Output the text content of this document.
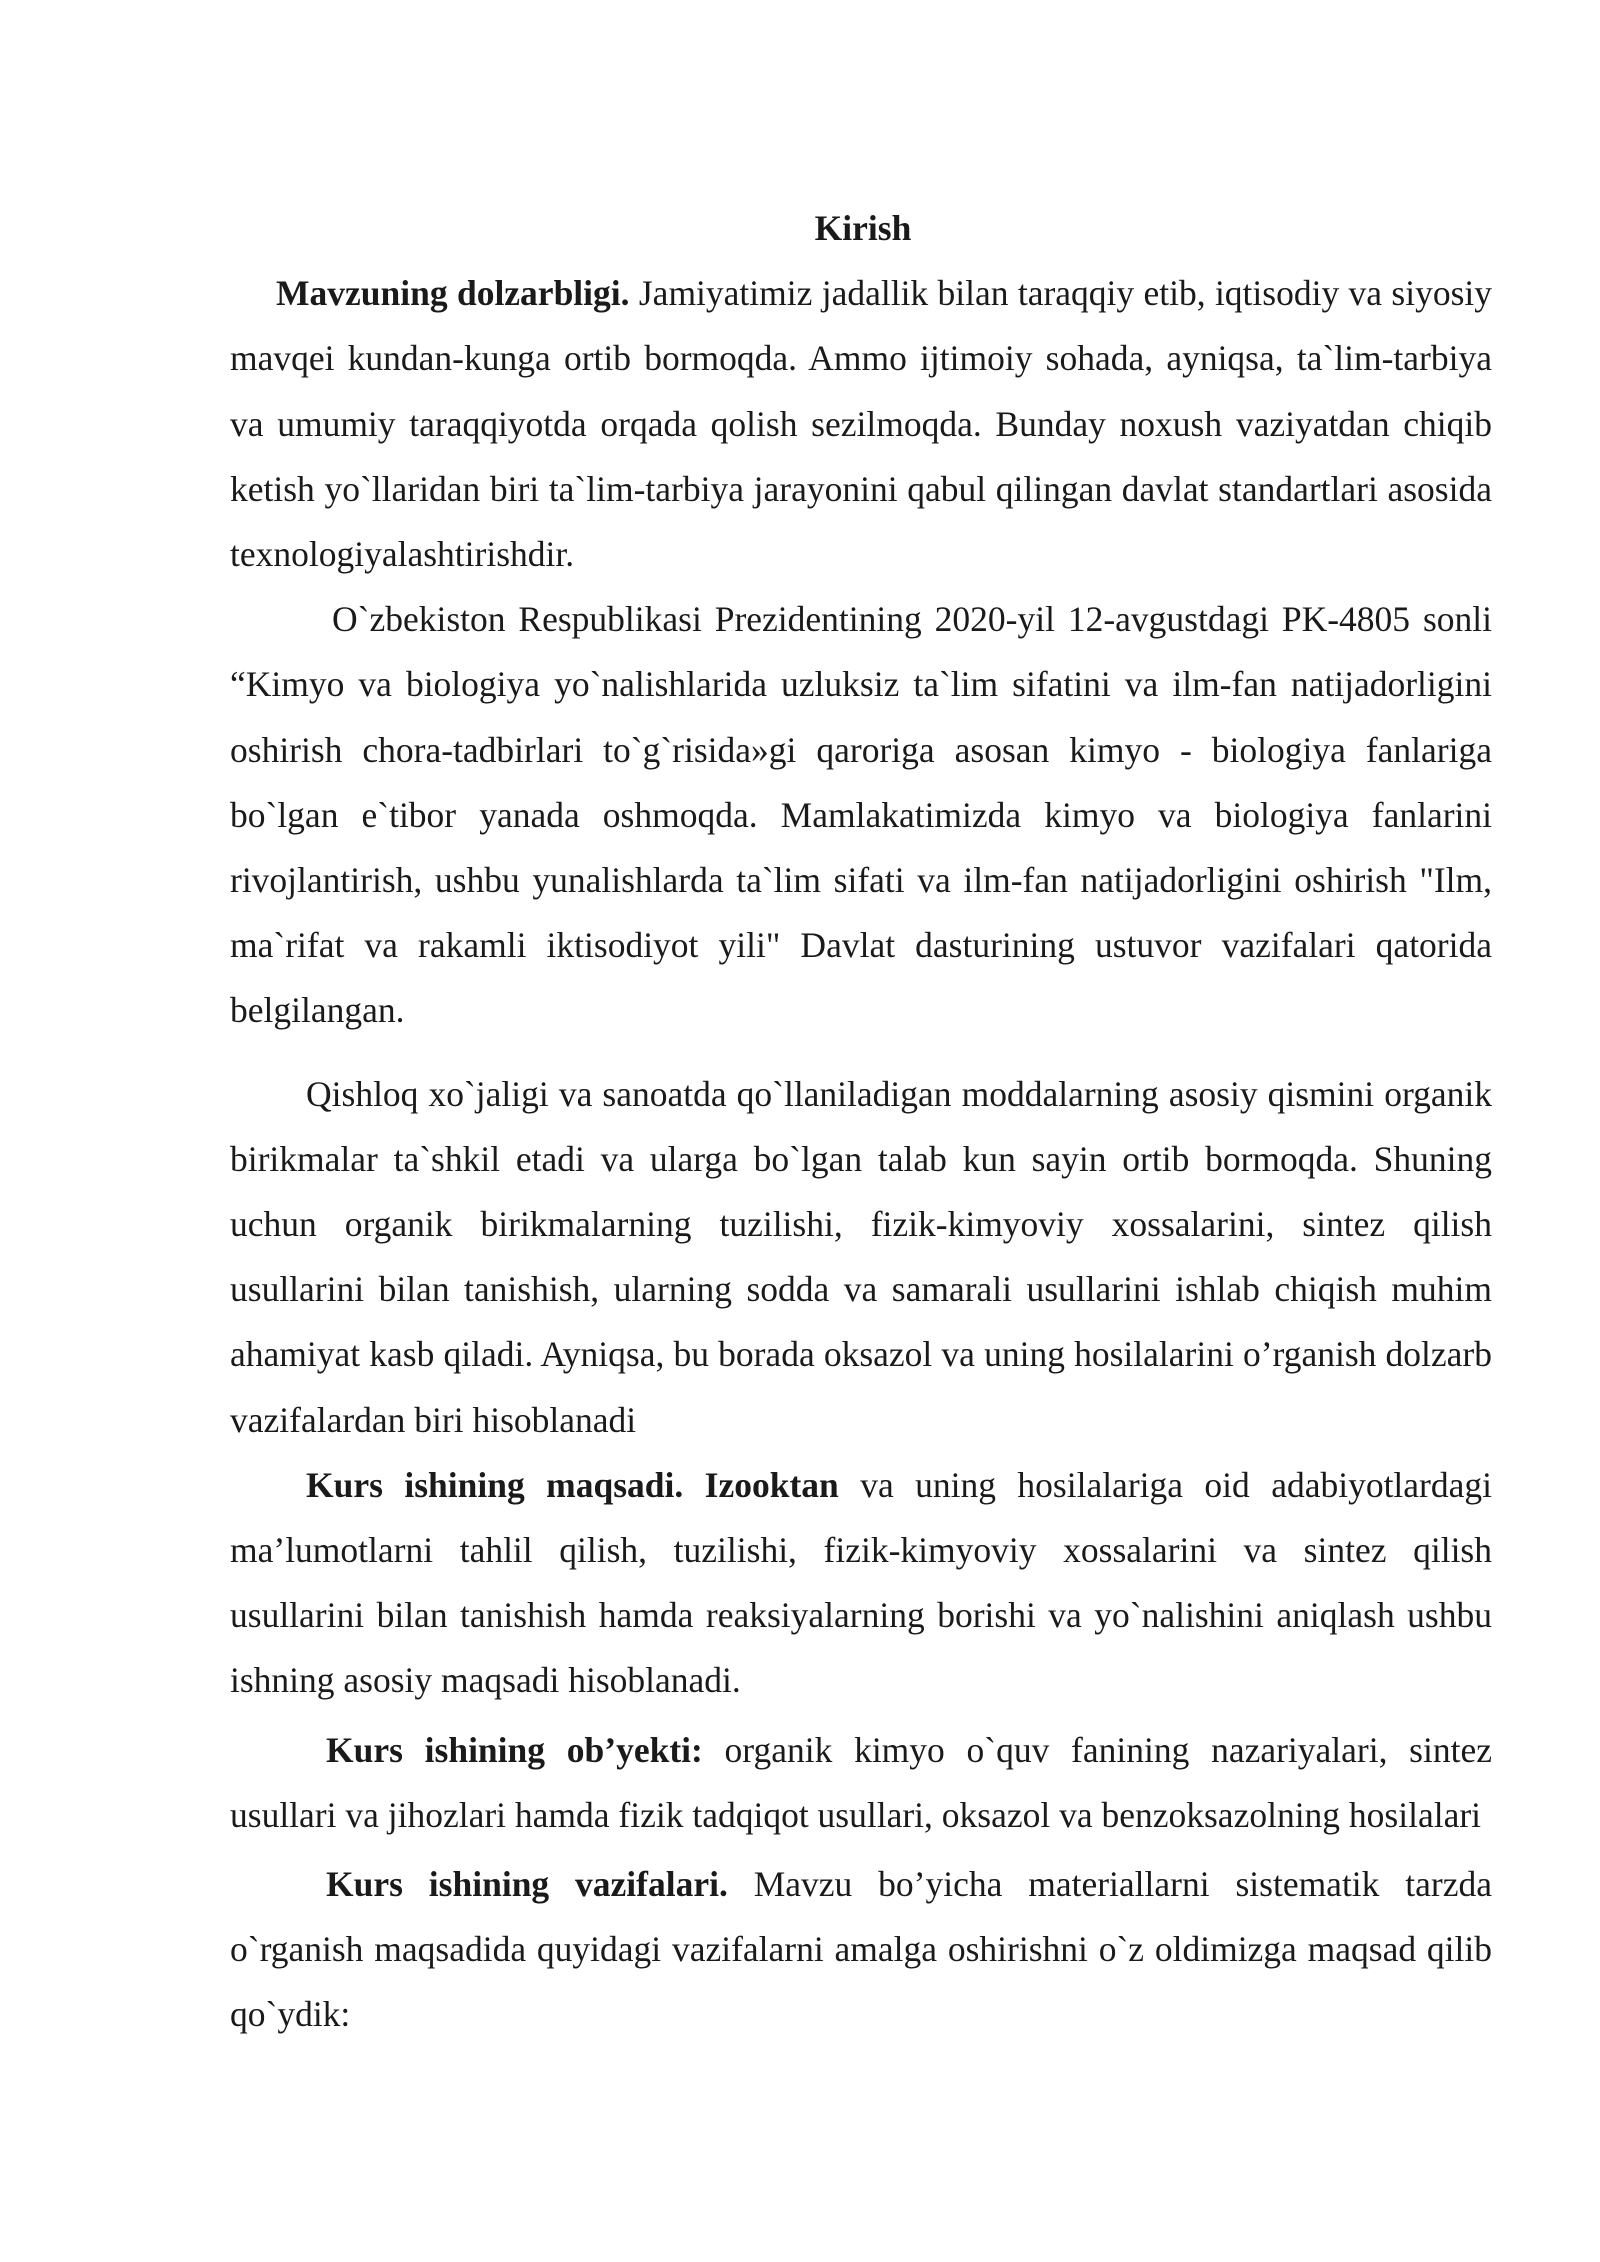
Kirish

Mavzuning dolzarbligi. Jamiyatimiz jadallik bilan taraqqiy etib, iqtisodiy va siyosiy mavqei kundan-kunga ortib bormoqda. Ammo ijtimoiy sohada, ayniqsa, ta`lim-tarbiya va umumiy taraqqiyotda orqada qolish sezilmoqda. Bunday noxush vaziyatdan chiqib ketish yo`llaridan biri ta`lim-tarbiya jarayonini qabul qilingan davlat standartlari asosida texnologiyalashtirishdir.

O`zbekiston Respublikasi Prezidentining 2020-yil 12-avgustdagi PK-4805 sonli “Kimyo va biologiya yo`nalishlarida uzluksiz ta`lim sifatini va ilm-fan natijadorligini oshirish chora-tadbirlari to`g`risida»gi qaroriga asosan kimyo - biologiya fanlariga bo`lgan e`tibor yanada oshmoqda. Mamlakatimizda kimyo va biologiya fanlarini rivojlantirish, ushbu yunalishlarda ta`lim sifati va ilm-fan natijadorligini oshirish "Ilm, ma`rifat va rakamli iktisodiyot yili" Davlat dasturining ustuvor vazifalari qatorida belgilangan.

Qishloq xo`jaligi va sanoatda qo`llaniladigan moddalarning asosiy qismini organik birikmalar ta`shkil etadi va ularga bo`lgan talab kun sayin ortib bormoqda. Shuning uchun organik birikmalarning tuzilishi, fizik-kimyoviy xossalarini, sintez qilish usullarini bilan tanishish, ularning sodda va samarali usullarini ishlab chiqish muhim ahamiyat kasb qiladi. Ayniqsa, bu borada oksazol va uning hosilalarini o’rganish dolzarb vazifalardan biri hisoblanadi

Kurs ishining maqsadi. Izooktan va uning hosilalariga oid adabiyotlardagi ma’lumotlarni tahlil qilish, tuzilishi, fizik-kimyoviy xossalarini va sintez qilish usullarini bilan tanishish hamda reaksiyalarning borishi va yo`nalishini aniqlash ushbu ishning asosiy maqsadi hisoblanadi.

Kurs ishining ob’yekti: organik kimyo o`quv fanining nazariyalari, sintez usullari va jihozlari hamda fizik tadqiqot usullari, oksazol va benzoksazolning hosilalari

Kurs ishining vazifalari. Mavzu bo’yicha materiallarni sistematik tarzda o`rganish maqsadida quyidagi vazifalarni amalga oshirishni o`z oldimizga maqsad qilib qo`ydik:
